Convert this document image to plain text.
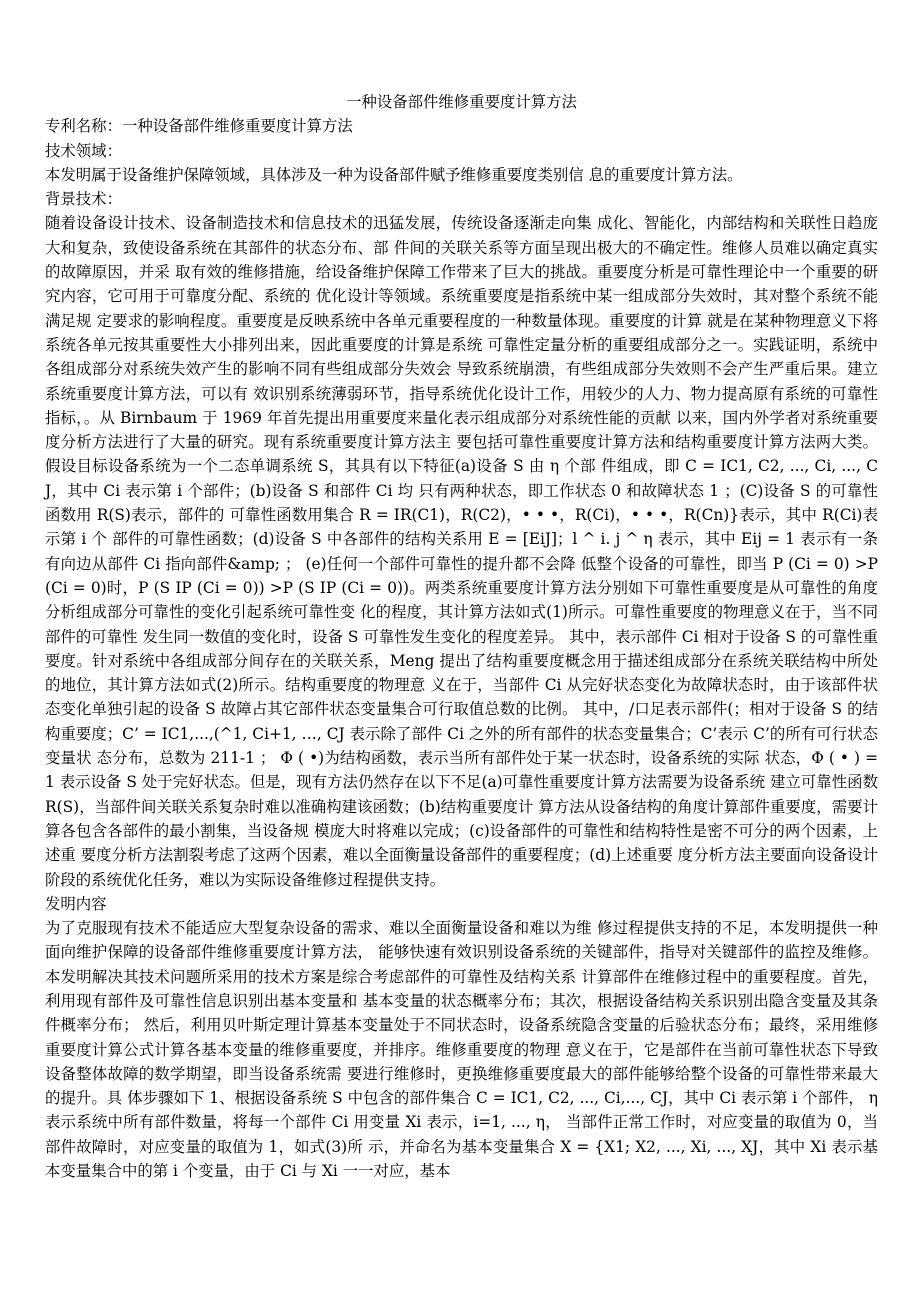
一种设备部件维修重要度计算方法

专利名称：一种设备部件维修重要度计算方法

技术领域：

本发明属于设备维护保障领域，具体涉及一种为设备部件赋予维修重要度类别信 息的重要度计算方法。

背景技术：

随着设备设计技术、设备制造技术和信息技术的迅猛发展，传统设备逐渐走向集 成化、智能化，内部结构和关联性日趋庞大和复杂，致使设备系统在其部件的状态分布、部 件间的关联关系等方面呈现出极大的不确定性。维修人员难以确定真实的故障原因，并采 取有效的维修措施，给设备维护保障工作带来了巨大的挑战。重要度分析是可靠性理论中一个重要的研究内容，它可用于可靠度分配、系统的 优化设计等领域。系统重要度是指系统中某一组成部分失效时，其对整个系统不能满足规 定要求的影响程度。重要度是反映系统中各单元重要程度的一种数量体现。重要度的计算 就是在某种物理意义下将系统各单元按其重要性大小排列出来，因此重要度的计算是系统 可靠性定量分析的重要组成部分之一。实践证明，系统中各组成部分对系统失效产生的影响不同有些组成部分失效会 导致系统崩溃，有些组成部分失效则不会产生严重后果。建立系统重要度计算方法，可以有 效识别系统薄弱环节，指导系统优化设计工作，用较少的人力、物力提高原有系统的可靠性 指标，。从 Birnbaum 于 1969 年首先提出用重要度来量化表示组成部分对系统性能的贡献 以来，国内外学者对系统重要度分析方法进行了大量的研究。现有系统重要度计算方法主 要包括可靠性重要度计算方法和结构重要度计算方法两大类。假设目标设备系统为一个二态单调系统 S，其具有以下特征(a)设备 S 由 η 个部 件组成，即 C = IC1, C2, ..., Ci, ..., CJ，其中 Ci 表示第 i 个部件；(b)设备 S 和部件 Ci 均 只有两种状态，即工作状态 0 和故障状态 1 ；(C)设备 S 的可靠性函数用 R(S)表示，部件的 可靠性函数用集合 R = IR(C1)，R(C2)，• • •，R(Ci)，• • •，R(Cn)}表示，其中 R(Ci)表示第 i 个 部件的可靠性函数；(d)设备 S 中各部件的结构关系用 E = [EiJ]；l ^ i. j ^ η 表示，其中 Eij = 1 表示有一条有向边从部件 Ci 指向部件&amp; ； (e)任何一个部件可靠性的提升都不会降 低整个设备的可靠性，即当 P (Ci = 0) >P (Ci = 0)时，P (S IP (Ci = 0)) >P (S IP (Ci = 0))。两类系统重要度计算方法分别如下可靠性重要度是从可靠性的角度分析组成部分可靠性的变化引起系统可靠性变 化的程度，其计算方法如式(1)所示。可靠性重要度的物理意义在于，当不同部件的可靠性 发生同一数值的变化时，设备 S 可靠性发生变化的程度差异。 其中，表示部件 Ci 相对于设备 S 的可靠性重要度。针对系统中各组成部分间存在的关联关系，Meng 提出了结构重要度概念用于描述组成部分在系统关联结构中所处的地位，其计算方法如式(2)所示。结构重要度的物理意 义在于，当部件 Ci 从完好状态变化为故障状态时，由于该部件状态变化单独引起的设备 S 故障占其它部件状态变量集合可行取值总数的比例。 其中，/口足表示部件(；相对于设备 S 的结构重要度；C’ = IC1,...,(^1, Ci+1, …, CJ 表示除了部件 Ci 之外的所有部件的状态变量集合；C’表示 C’的所有可行状态变量状 态分布，总数为 211-1 ； Φ ( •)为结构函数，表示当所有部件处于某一状态时，设备系统的实际 状态，Φ ( • ) = 1 表示设备 S 处于完好状态。但是，现有方法仍然存在以下不足(a)可靠性重要度计算方法需要为设备系统 建立可靠性函数 R(S)，当部件间关联关系复杂时难以准确构建该函数；(b)结构重要度计 算方法从设备结构的角度计算部件重要度，需要计算各包含各部件的最小割集，当设备规 模庞大时将难以完成；(c)设备部件的可靠性和结构特性是密不可分的两个因素，上述重 要度分析方法割裂考虑了这两个因素，难以全面衡量设备部件的重要程度；(d)上述重要 度分析方法主要面向设备设计阶段的系统优化任务，难以为实际设备维修过程提供支持。

发明内容

为了克服现有技术不能适应大型复杂设备的需求、难以全面衡量设备和难以为维 修过程提供支持的不足，本发明提供一种面向维护保障的设备部件维修重要度计算方法， 能够快速有效识别设备系统的关键部件，指导对关键部件的监控及维修。本发明解决其技术问题所采用的技术方案是综合考虑部件的可靠性及结构关系 计算部件在维修过程中的重要程度。首先，利用现有部件及可靠性信息识别出基本变量和 基本变量的状态概率分布；其次，根据设备结构关系识别出隐含变量及其条件概率分布； 然后，利用贝叶斯定理计算基本变量处于不同状态时，设备系统隐含变量的后验状态分布；最终，采用维修重要度计算公式计算各基本变量的维修重要度，并排序。维修重要度的物理 意义在于，它是部件在当前可靠性状态下导致设备整体故障的数学期望，即当设备系统需 要进行维修时，更换维修重要度最大的部件能够给整个设备的可靠性带来最大的提升。具 体步骤如下 1、根据设备系统 S 中包含的部件集合 C = IC1, C2, ..., Ci,..., CJ，其中 Ci 表示第 i 个部件， η 表示系统中所有部件数量，将每一个部件 Ci 用变量 Xi 表示，i=1, ..., η， 当部件正常工作时，对应变量的取值为 0，当部件故障时，对应变量的取值为 1，如式(3)所 示，并命名为基本变量集合 X = {X1; X2, ..., Xi, ..., XJ，其中 Xi 表示基本变量集合中的第 i 个变量，由于 Ci 与 Xi 一一对应，基本
